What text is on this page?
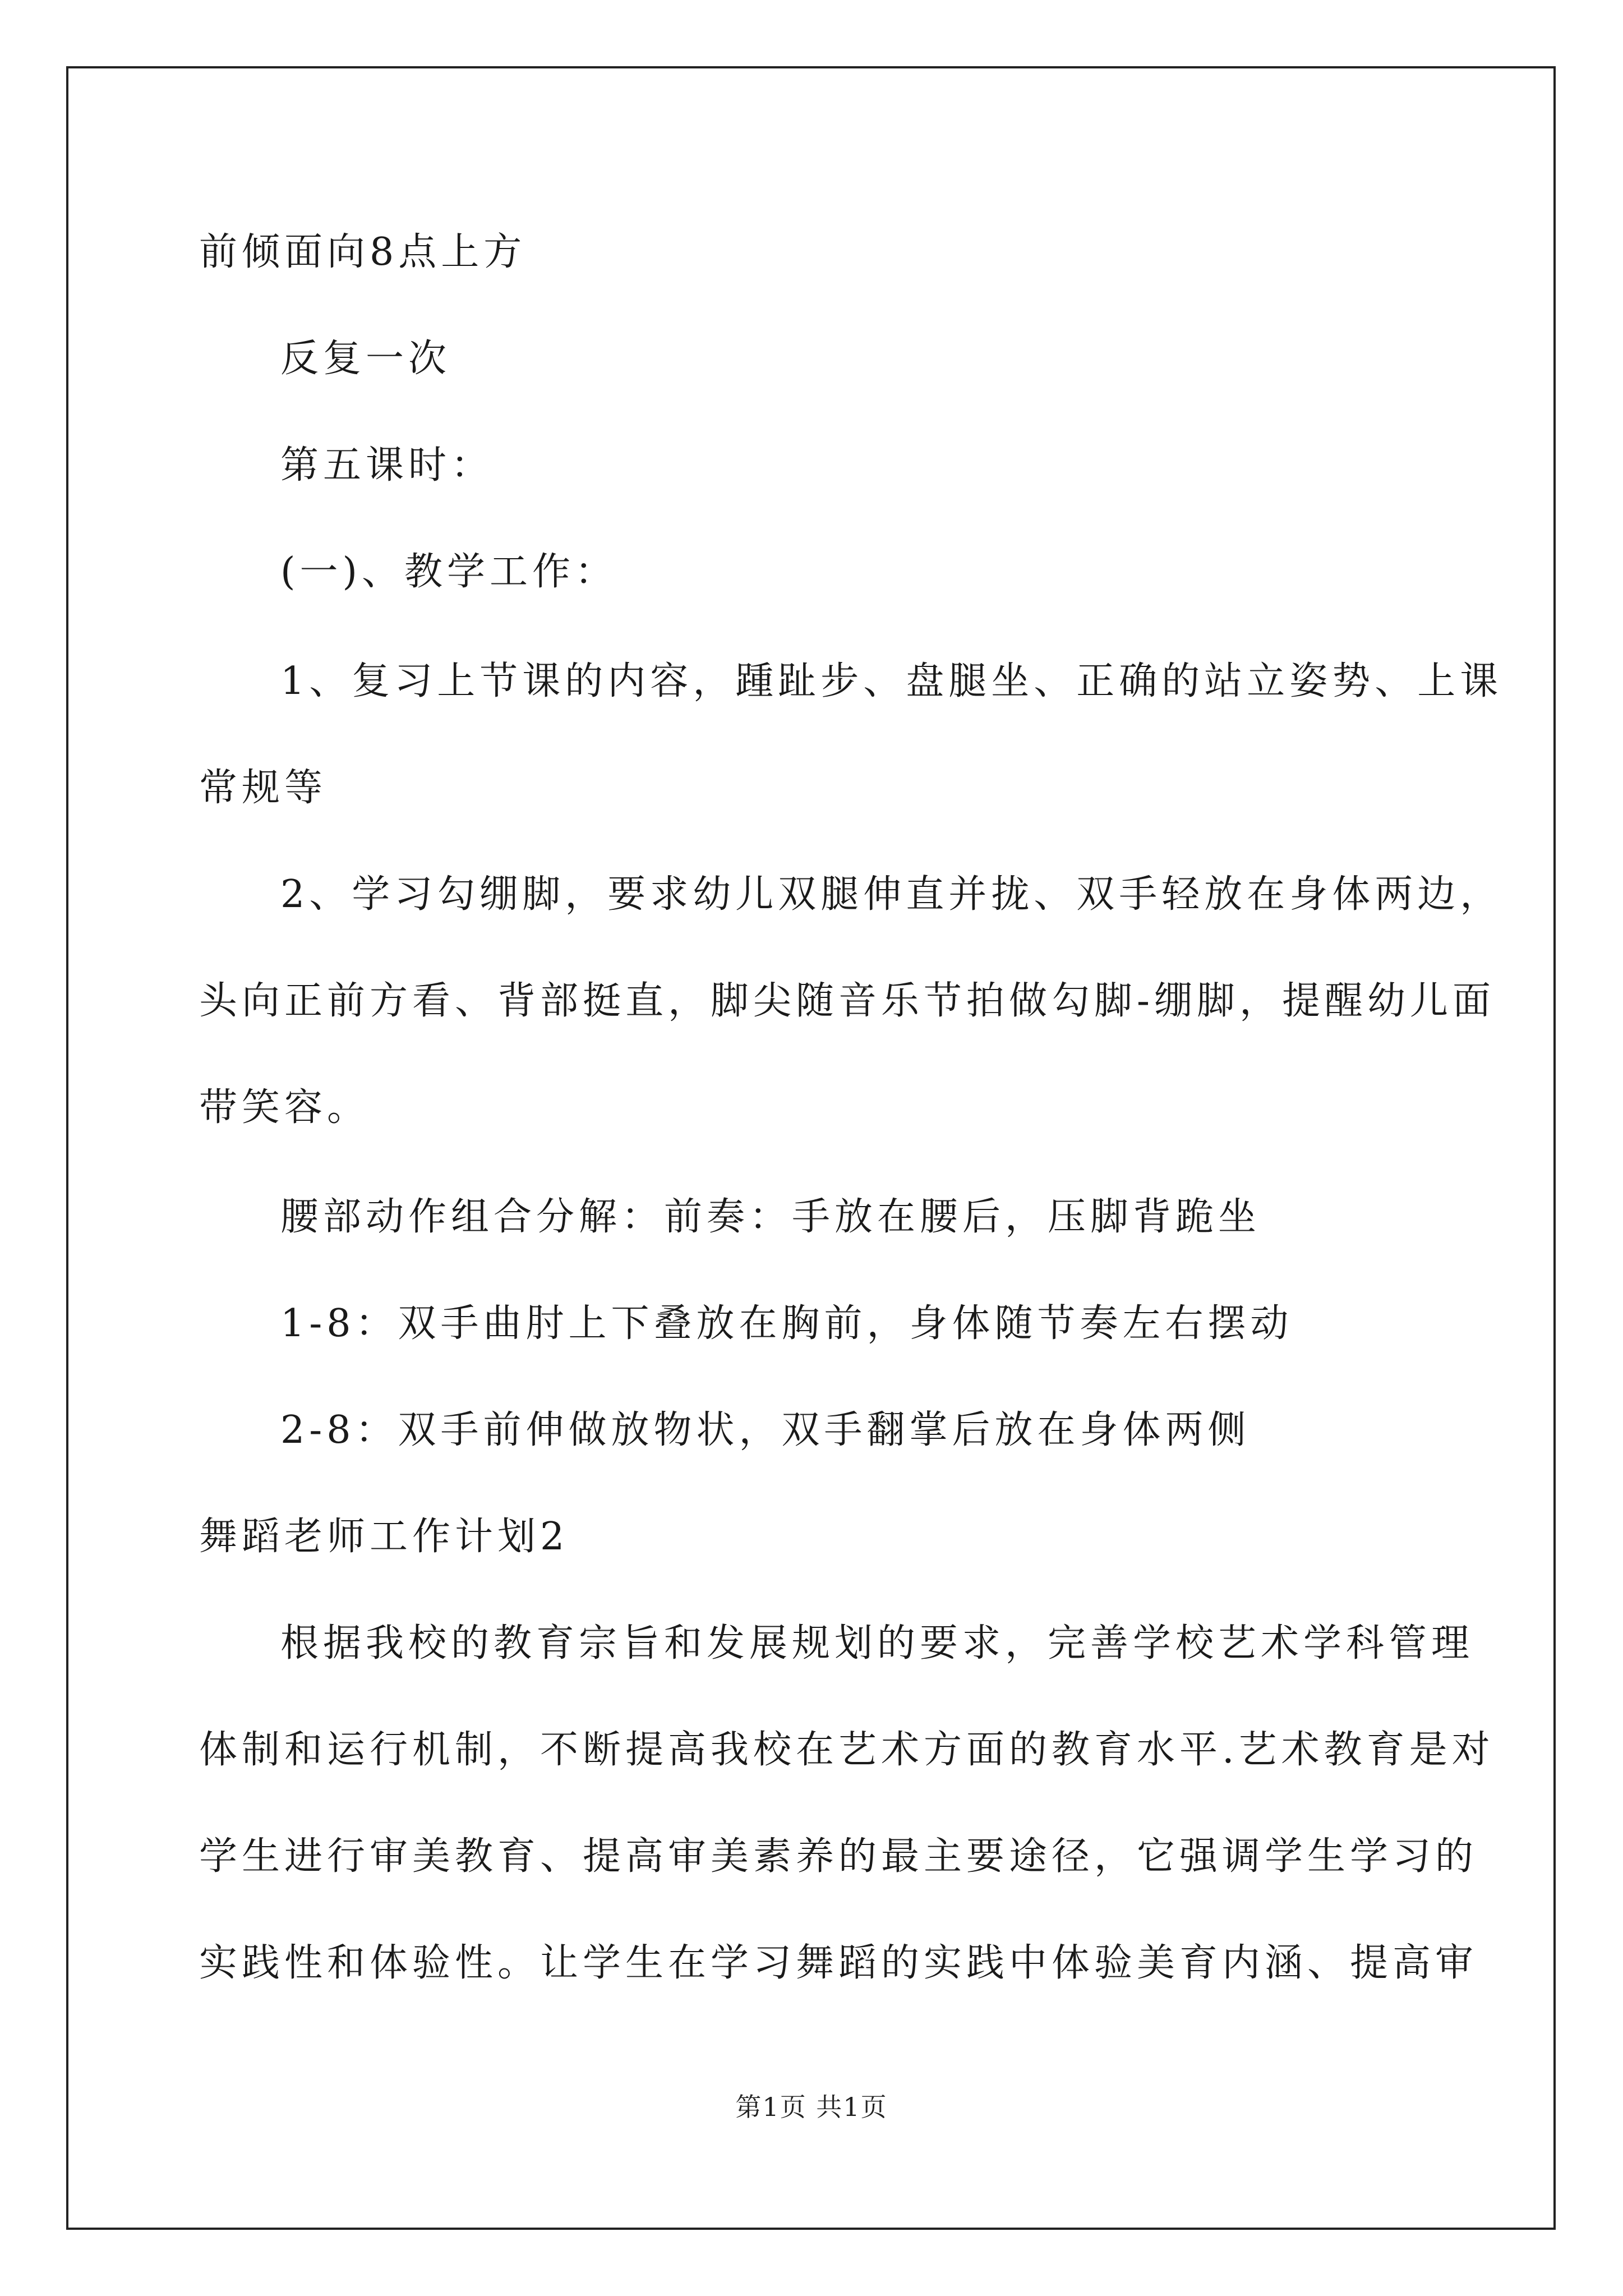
前倾面向8点上方
反复一次
第五课时：
(一)、教学工作：
1、复习上节课的内容，踵趾步、盘腿坐、正确的站立姿势、上课
常规等
2、学习勾绷脚，要求幼儿双腿伸直并拢、双手轻放在身体两边，
头向正前方看、背部挺直，脚尖随音乐节拍做勾脚-绷脚，提醒幼儿面
带笑容。
腰部动作组合分解：前奏：手放在腰后，压脚背跪坐
1-8：双手曲肘上下叠放在胸前，身体随节奏左右摆动
2-8：双手前伸做放物状，双手翻掌后放在身体两侧
舞蹈老师工作计划2
根据我校的教育宗旨和发展规划的要求，完善学校艺术学科管理
体制和运行机制，不断提高我校在艺术方面的教育水平.艺术教育是对
学生进行审美教育、提高审美素养的最主要途径，它强调学生学习的
实践性和体验性。让学生在学习舞蹈的实践中体验美育内涵、提高审
第1页 共1页
